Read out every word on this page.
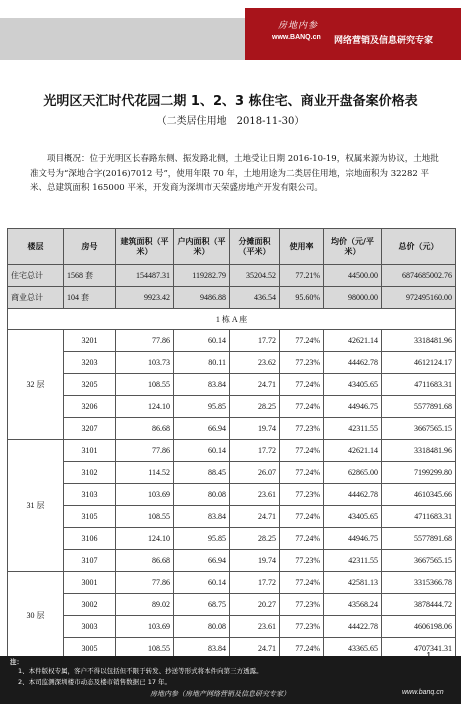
房地内参
www.BANQ.cn 网络营销及信息研究专家
光明区天汇时代花园二期 1、2、3 栋住宅、商业开盘备案价格表
（二类居住用地　2018-11-30）
项目概况：位于光明区长春路东侧、振发路北侧，土地受让日期 2016-10-19，权属来源为协议，土地批准文号为“深地合字(2016)7012 号”，使用年限 70 年，土地用途为二类居住用地，宗地面积为 32282 平米、总建筑面积 165000 平米，开发商为深圳市天荣盛房地产开发有限公司。
楼层	房号	建筑面积（平米）	户内面积（平米）	分摊面积（平米）	使用率	均价（元/平米）	总价（元）
住宅总计	1568 套	154487.31	119282.79	35204.52	77.21%	44500.00	6874685002.76
商业总计	104 套	9923.42	9486.88	436.54	95.60%	98000.00	972495160.00
1 栋 A 座							
32 层	3201	77.86	60.14	17.72	77.24%	42621.14	3318481.96
	3203	103.73	80.11	23.62	77.23%	44462.78	4612124.17
	3205	108.55	83.84	24.71	77.24%	43405.65	4711683.31
	3206	124.10	95.85	28.25	77.24%	44946.75	5577891.68
	3207	86.68	66.94	19.74	77.23%	42311.55	3667565.15
31 层	3101	77.86	60.14	17.72	77.24%	42621.14	3318481.96
	3102	114.52	88.45	26.07	77.24%	62865.00	7199299.80
	3103	103.69	80.08	23.61	77.23%	44462.78	4610345.66
	3105	108.55	83.84	24.71	77.24%	43405.65	4711683.31
	3106	124.10	95.85	28.25	77.24%	44946.75	5577891.68
	3107	86.68	66.94	19.74	77.23%	42311.55	3667565.15
30 层	3001	77.86	60.14	17.72	77.24%	42581.13	3315366.78
	3002	89.02	68.75	20.27	77.23%	43568.24	3878444.72
	3003	103.69	80.08	23.61	77.23%	44422.78	4606198.06
	3005	108.55	83.84	24.71	77.24%	43365.65	4707341.31
注：
1、本件版权专属，客户不得以包括但不限于转发、抄送等形式将本件向第三方透露。
2、本司监测深圳楼市动态及楼市销售数据已 17 年。
房地内参（房地产网络营销及信息研究专家）	www.banq.cn
